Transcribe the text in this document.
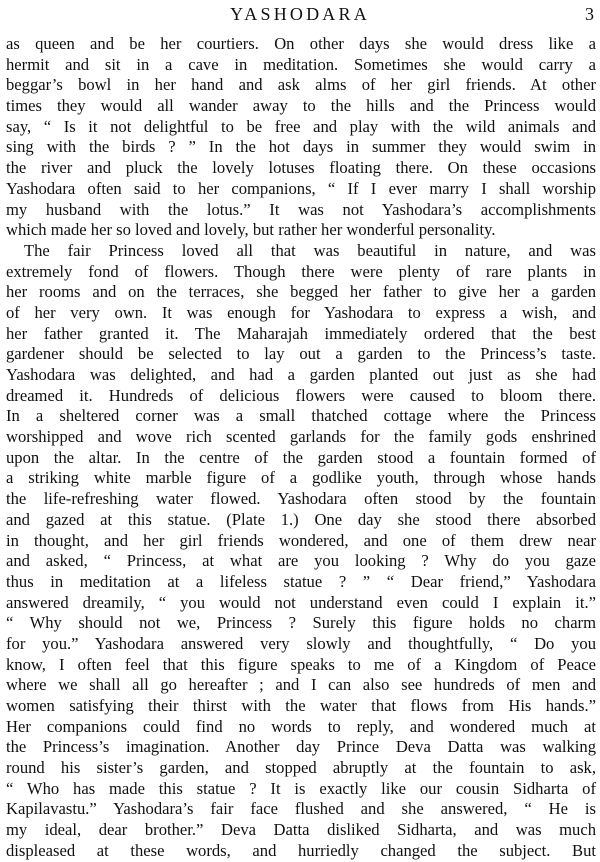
YASHODARA	3
as queen and be her courtiers. On other days she would dress like a
hermit and sit in a cave in meditation. Sometimes she would carry a
beggar’s bowl in her hand and ask alms of her girl friends. At other
times they would all wander away to the hills and the Princess would
say, “ Is it not delightful to be free and play with the wild animals and
sing with the birds ? ” In the hot days in summer they would swim in
the river and pluck the lovely lotuses floating there. On these occasions
Yashodara often said to her companions, “ If I ever marry I shall worship
my husband with the lotus.” It was not Yashodara’s accomplishments
which made her so loved and lovely, but rather her wonderful personality.
The fair Princess loved all that was beautiful in nature, and was
extremely fond of flowers. Though there were plenty of rare plants in
her rooms and on the terraces, she begged her father to give her a garden
of her very own. It was enough for Yashodara to express a wish, and
her father granted it. The Maharajah immediately ordered that the best
gardener should be selected to lay out a garden to the Princess’s taste.
Yashodara was delighted, and had a garden planted out just as she had
dreamed it. Hundreds of delicious flowers were caused to bloom there.
In a sheltered corner was a small thatched cottage where the Princess
worshipped and wove rich scented garlands for the family gods enshrined
upon the altar. In the centre of the garden stood a fountain formed of
a striking white marble figure of a godlike youth, through whose hands
the life-refreshing water flowed. Yashodara often stood by the fountain
and gazed at this statue. (Plate 1.) One day she stood there absorbed
in thought, and her girl friends wondered, and one of them drew near
and asked, “ Princess, at what are you looking ? Why do you gaze
thus in meditation at a lifeless statue ? ” “ Dear friend,” Yashodara
answered dreamily, “ you would not understand even could I explain it.”
“ Why should not we, Princess ? Surely this figure holds no charm
for you.” Yashodara answered very slowly and thoughtfully, “ Do you
know, I often feel that this figure speaks to me of a Kingdom of Peace
where we shall all go hereafter ; and I can also see hundreds of men and
women satisfying their thirst with the water that flows from His hands.”
Her companions could find no words to reply, and wondered much at
the Princess’s imagination. Another day Prince Deva Datta was walking
round his sister’s garden, and stopped abruptly at the fountain to ask,
“ Who has made this statue ? It is exactly like our cousin Sidharta of
Kapilavastu.” Yashodara’s fair face flushed and she answered, “ He is
my ideal, dear brother.” Deva Datta disliked Sidharta, and was much
displeased at these words, and hurriedly changed the subject. But
